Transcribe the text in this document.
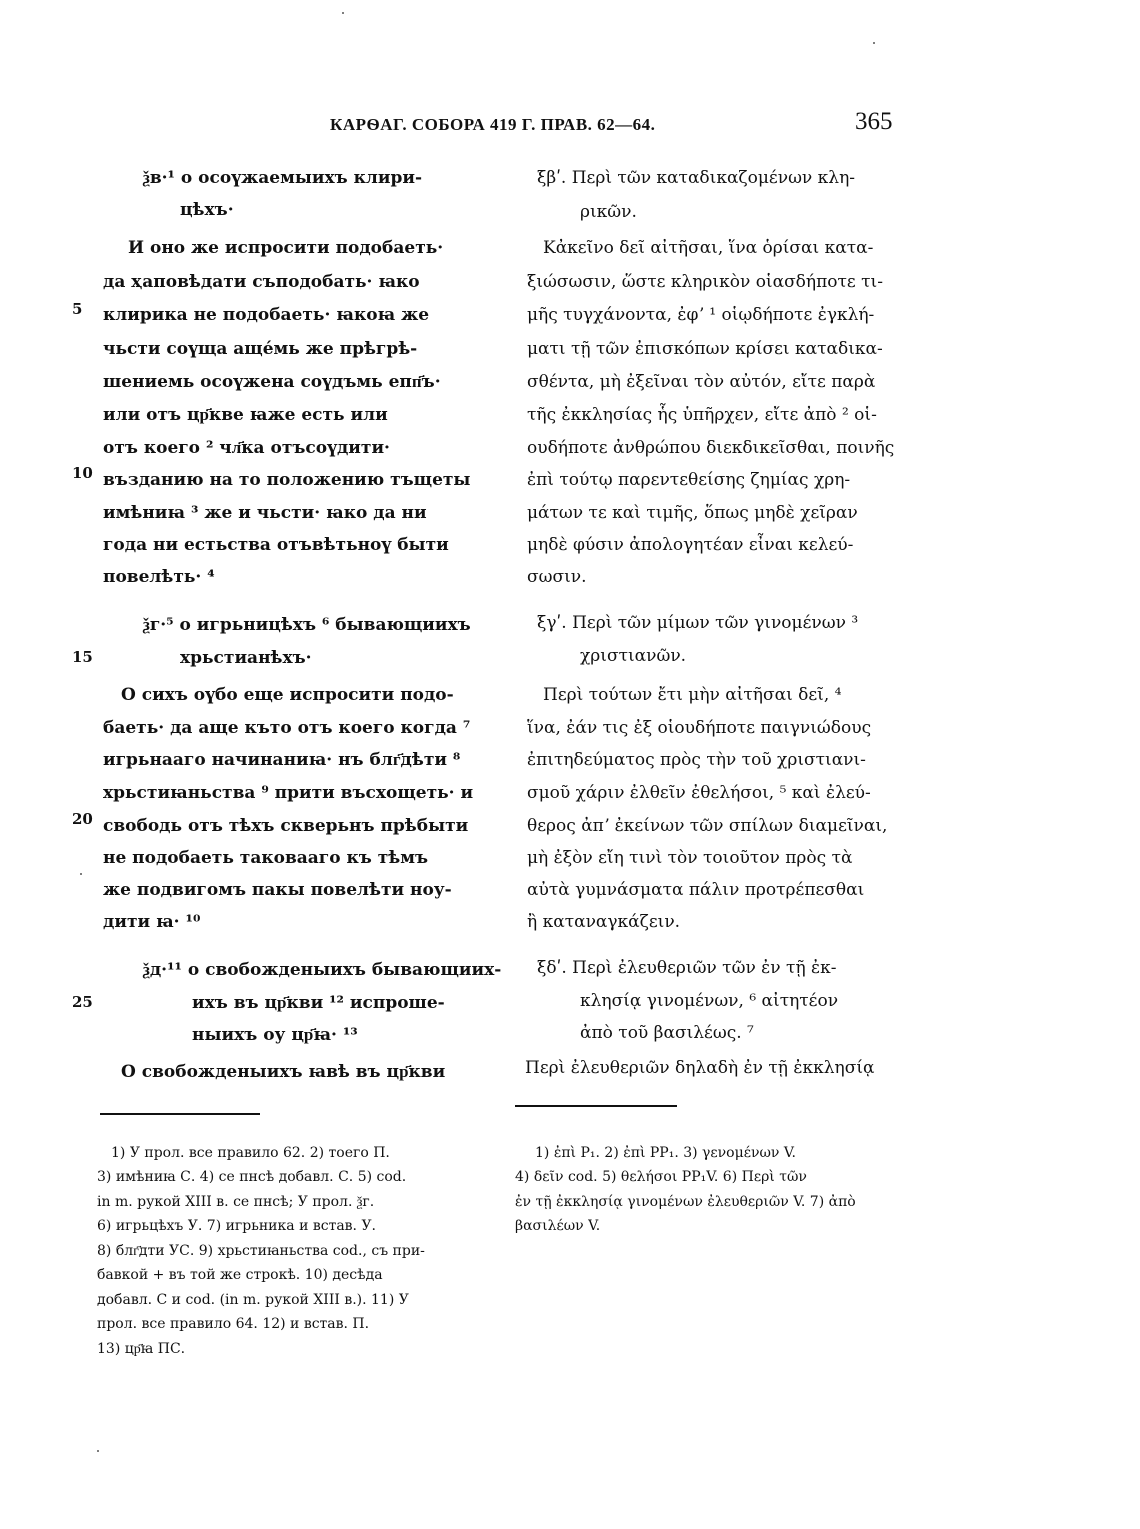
КАРѲАГ. СОБОРА 419 Г. ПРАВ. 62—64.	365
5
10
15
20
25
ѯв·¹ о осоүжаемыихъ клири-
цѣхъ·
И оно же испросити подобаеть·
да ҳаповѣдати съподобать· ꙗко
клирика не подобаеть· ꙗкоꙗ же
чьсти соүща аще́мь же прѣгрѣ-
шениемь осоүжена соүдъмь епп҃ъ·
или отъ цр҃кве ꙗже есть или
отъ коего ² чл҃ка отъсоүдити·
възданию на то положению тъщеты
имѣниꙗ ³ же и чьсти· ꙗко да ни
года ни естьства отъвѣтьноү быти
повелѣть· ⁴
ѯг·⁵ о игрьницѣхъ ⁶ бывающиихъ
хрьстианѣхъ·
О сихъ оүбо еще испросити подо-
баеть· да аще къто отъ коего когда ⁷
игрьнааго начинаниꙗ· нъ блг҃дѣти ⁸
хрьстиꙗньства ⁹ прити въсхощеть· и
свободь отъ тѣхъ скверьнъ прѣбыти
не подобаеть таковааго къ тѣмъ
же подвигомъ пакы повелѣти ноу-
дити ꙗ· ¹⁰
ѯд·¹¹ о свобожденыихъ бывающиих-
ихъ въ цр҃кви ¹² испроше-
ныихъ оу цр҃ꙗ· ¹³
О свобожденыихъ ꙗвѣ въ цр҃кви
ξβʹ. Περὶ τῶν καταδικαζομένων κλη-
ρικῶν.
Κἀκεῖνο δεῖ αἰτῆσαι, ἵνα ὁρίσαι κατα-
ξιώσωσιν, ὥστε κληρικὸν οἱασδήποτε τι-
μῆς τυγχάνοντα, ἐφʼ ¹ οἱῳδήποτε ἐγκλή-
ματι τῇ τῶν ἐπισκόπων κρίσει καταδικα-
σθέντα, μὴ ἐξεῖναι τὸν αὐτόν, εἴτε παρὰ
τῆς ἐκκλησίας ἧς ὑπῆρχεν, εἴτε ἀπὸ ² οἱ-
ουδήποτε ἀνθρώπου διεκδικεῖσθαι, ποινῆς
ἐπὶ τούτῳ παρεντεθείσης ζημίας χρη-
μάτων τε καὶ τιμῆς, ὅπως μηδὲ χεῖραν
μηδὲ φύσιν ἀπολογητέαν εἶναι κελεύ-
σωσιν.
ξγʹ. Περὶ τῶν μίμων τῶν γινομένων ³
χριστιανῶν.
Περὶ τούτων ἔτι μὴν αἰτῆσαι δεῖ, ⁴
ἵνα, ἐάν τις ἐξ οἱουδήποτε παιγνιώδους
ἐπιτηδεύματος πρὸς τὴν τοῦ χριστιανι-
σμοῦ χάριν ἐλθεῖν ἐθελήσοι, ⁵ καὶ ἐλεύ-
θερος ἀπʼ ἐκείνων τῶν σπίλων διαμεῖναι,
μὴ ἐξὸν εἴη τινὶ τὸν τοιοῦτον πρὸς τὰ
αὐτὰ γυμνάσματα πάλιν προτρέπεσθαι
ἢ καταναγκάζειν.
ξδʹ. Περὶ ἐλευθεριῶν τῶν ἐν τῇ ἐκ-
κλησίᾳ γινομένων, ⁶ αἰτητέον
ἀπὸ τοῦ βασιλέως. ⁷
Περὶ ἐλευθεριῶν δηλαδὴ ἐν τῇ ἐκκλησίᾳ
1) У прол. все правило 62. 2) тоего П.
3) имѣниꙗ С. 4) се пнсѣ добавл. С. 5) cod.
in m. рукой XIII в. се пнсѣ; У прол. ѯг.
6) игрьцѣхъ У. 7) игрьника и встав. У.
8) блг҃дти УС. 9) хрьстиꙗньства cod., съ при-
бавкой + въ той же строкѣ. 10) десѣда
добавл. С и cod. (in m. рукой XIII в.). 11) У
прол. все правило 64. 12) и встав. П.
13) цр҃ꙗ ПС.
1) ἐπὶ P₁. 2) ἐπὶ PP₁. 3) γενομένων V.
4) δεῖν cod. 5) θελήσοι PP₁V. 6) Περὶ τῶν
ἐν τῇ ἐκκλησίᾳ γινομένων ἐλευθεριῶν V. 7) ἀπὸ
βασιλέων V.
